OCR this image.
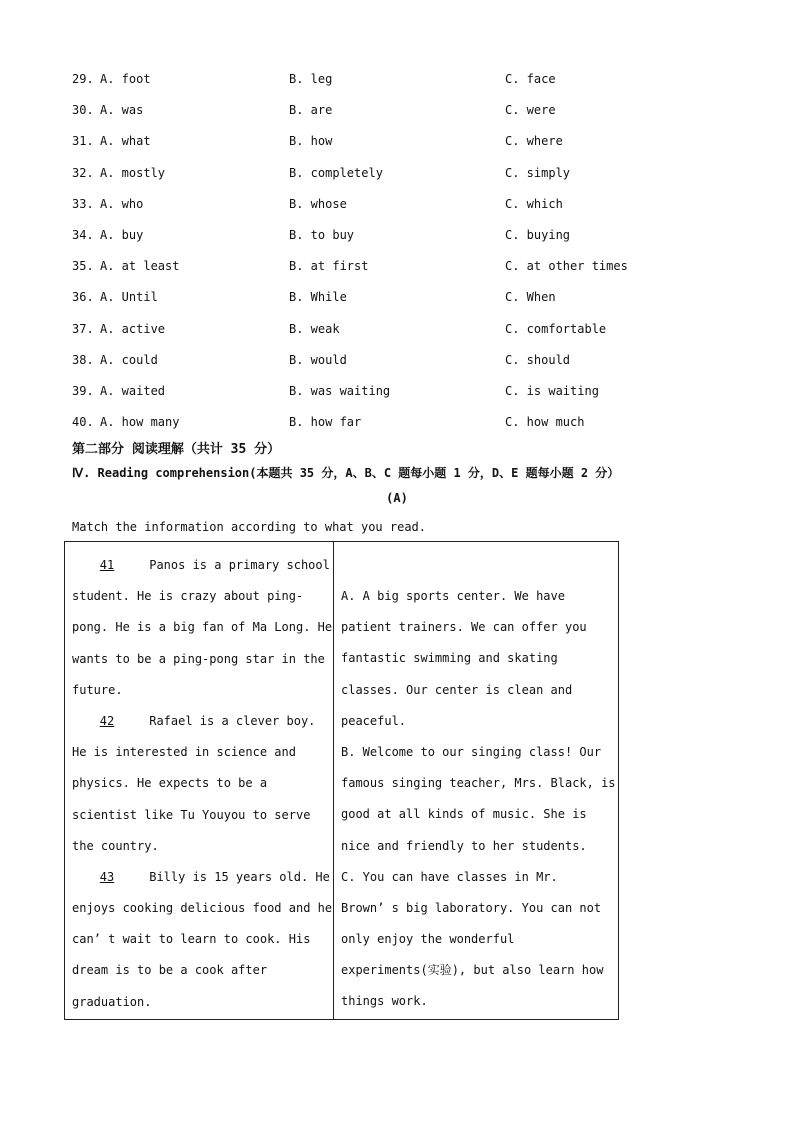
29. A. foot	B. leg	C. face
30. A. was	B. are	C. were
31. A. what	B. how	C. where
32. A. mostly	B. completely	C. simply
33. A. who	B. whose	C. which
34. A. buy	B. to buy	C. buying
35. A. at least	B. at first	C. at other times
36. A. Until	B. While	C. When
37. A. active	B. weak	C. comfortable
38. A. could	B. would	C. should
39. A. waited	B. was waiting	C. is waiting
40. A. how many	B. how far	C. how much
第二部分 阅读理解（共计 35 分）
Ⅳ. Reading comprehension(本题共 35 分，A、B、C 题每小题 1 分，D、E 题每小题 2 分）
(A)
Match the information according to what you read.
41	Panos is a primary school
student. He is crazy about ping-
pong. He is a big fan of Ma Long. He
wants to be a ping-pong star in the
future.
42	Rafael is a clever boy.
He is interested in science and
physics. He expects to be a
scientist like Tu Youyou to serve
the country.
43	Billy is 15 years old. He
enjoys cooking delicious food and he
can’ t wait to learn to cook. His
dream is to be a cook after
graduation.
A. A big sports center. We have
patient trainers. We can offer you
fantastic swimming and skating
classes. Our center is clean and
peaceful.
B. Welcome to our singing class! Our
famous singing teacher, Mrs. Black, is
good at all kinds of music. She is
nice and friendly to her students.
C. You can have classes in Mr.
Brown’ s big laboratory. You can not
only enjoy the wonderful
experiments(实验), but also learn how
things work.
